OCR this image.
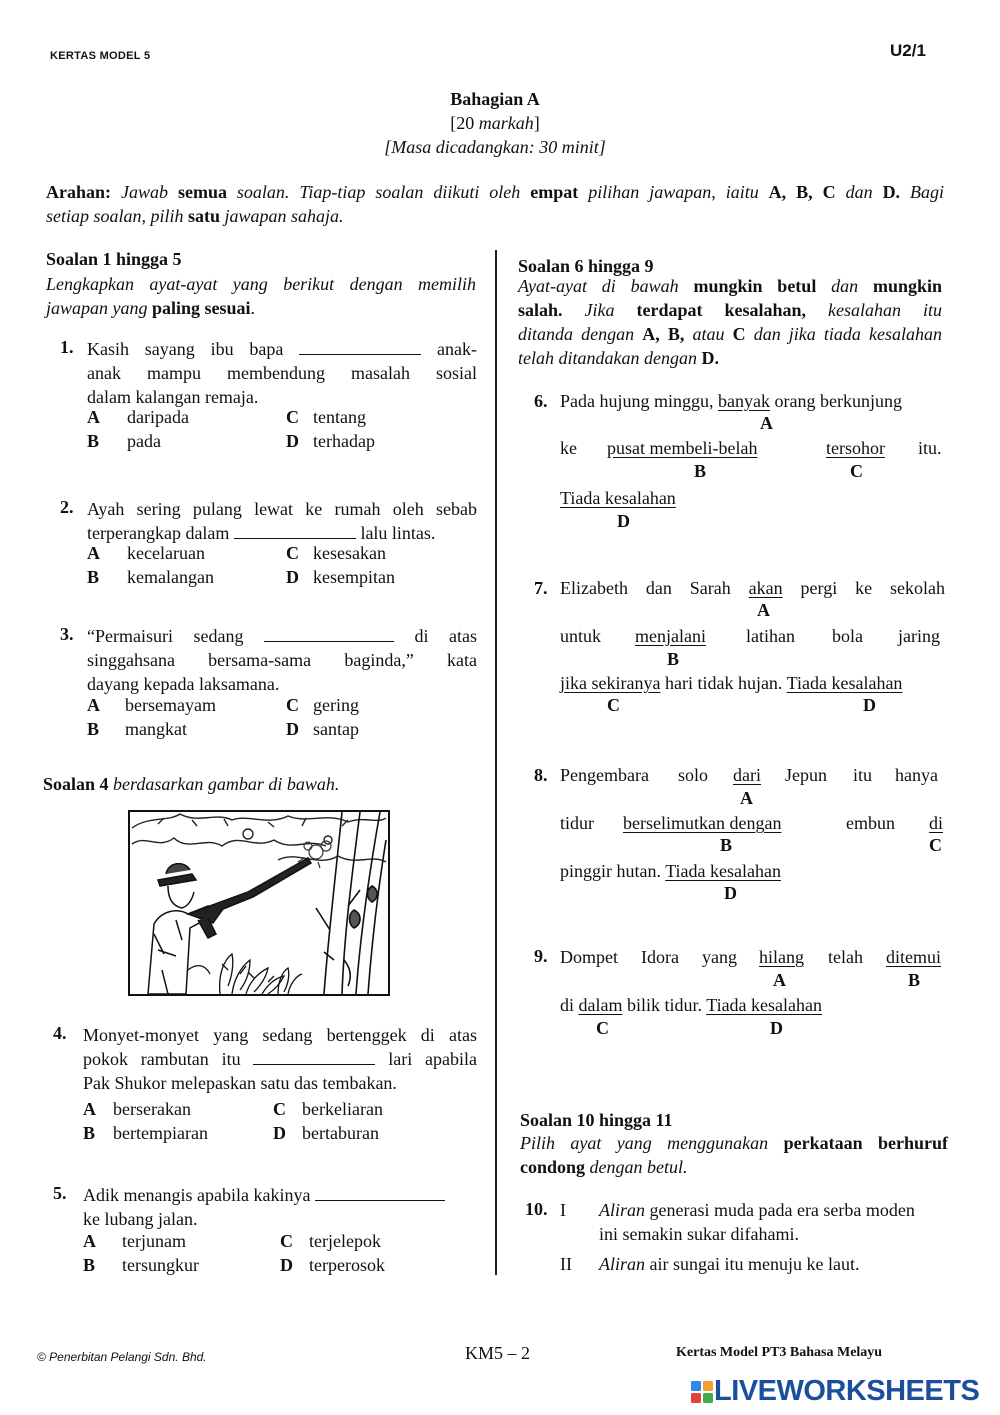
KERTAS MODEL 5	U2/1
Bahagian A
[20 markah]
[Masa dicadangkan: 30 minit]
Arahan: Jawab semua soalan. Tiap-tiap soalan diikuti oleh empat pilihan jawapan, iaitu A, B, C dan D. Bagi
setiap soalan, pilih satu jawapan sahaja.
Soalan 1 hingga 5
Lengkapkan ayat-ayat yang berikut dengan memilih
jawapan yang paling sesuai.
1. Kasih sayang ibu bapa	anak-
anak mampu membendung masalah sosial
dalam kalangan remaja.
A daripada	C tentang
B pada	D terhadap
2. Ayah sering pulang lewat ke rumah oleh sebab
terperangkap dalam	lalu lintas.
A kecelaruan	C kesesakan
B kemalangan	D kesempitan
3. “Permaisuri sedang	di atas
singgahsana bersama-sama baginda,” kata
dayang kepada laksamana.
A bersemayam	C gering
B mangkat	D santap
Soalan 4 berdasarkan gambar di bawah.
4. Monyet-monyet yang sedang bertenggek di atas
pokok rambutan itu	lari apabila
Pak Shukor melepaskan satu das tembakan.
A berserakan	C berkeliaran
B bertempiaran	D bertaburan
5. Adik menangis apabila kakinya
ke lubang jalan.
A terjunam	C terjelepok
B tersungkur	D terperosok
Soalan 6 hingga 9
Ayat-ayat di bawah mungkin betul dan mungkin
salah. Jika terdapat kesalahan, kesalahan itu
ditanda dengan A, B, atau C dan jika tiada kesalahan
telah ditandakan dengan D.
6. Pada hujung minggu, banyak orang berkunjung
A
ke pusat membeli-belah	tersohor itu.
B	C
Tiada kesalahan
D
7. Elizabeth dan Sarah akan pergi ke sekolah
A
untuk menjalani latihan bola jaring
B
jika sekiranya hari tidak hujan. Tiada kesalahan
C	D
8. Pengembara solo dari Jepun itu hanya
A
tidur berselimutkan dengan	embun di
B	C
pinggir hutan. Tiada kesalahan
D
9. Dompet Idora yang hilang telah ditemui
A	B
di dalam bilik tidur. Tiada kesalahan
C	D
Soalan 10 hingga 11
Pilih ayat yang menggunakan perkataan berhuruf
condong dengan betul.
10. I Aliran generasi muda pada era serba moden
ini semakin sukar difahami.
II Aliran air sungai itu menuju ke laut.
© Penerbitan Pelangi Sdn. Bhd.	KM5 – 2	Kertas Model PT3 Bahasa Melayu
LIVEWORKSHEETS
